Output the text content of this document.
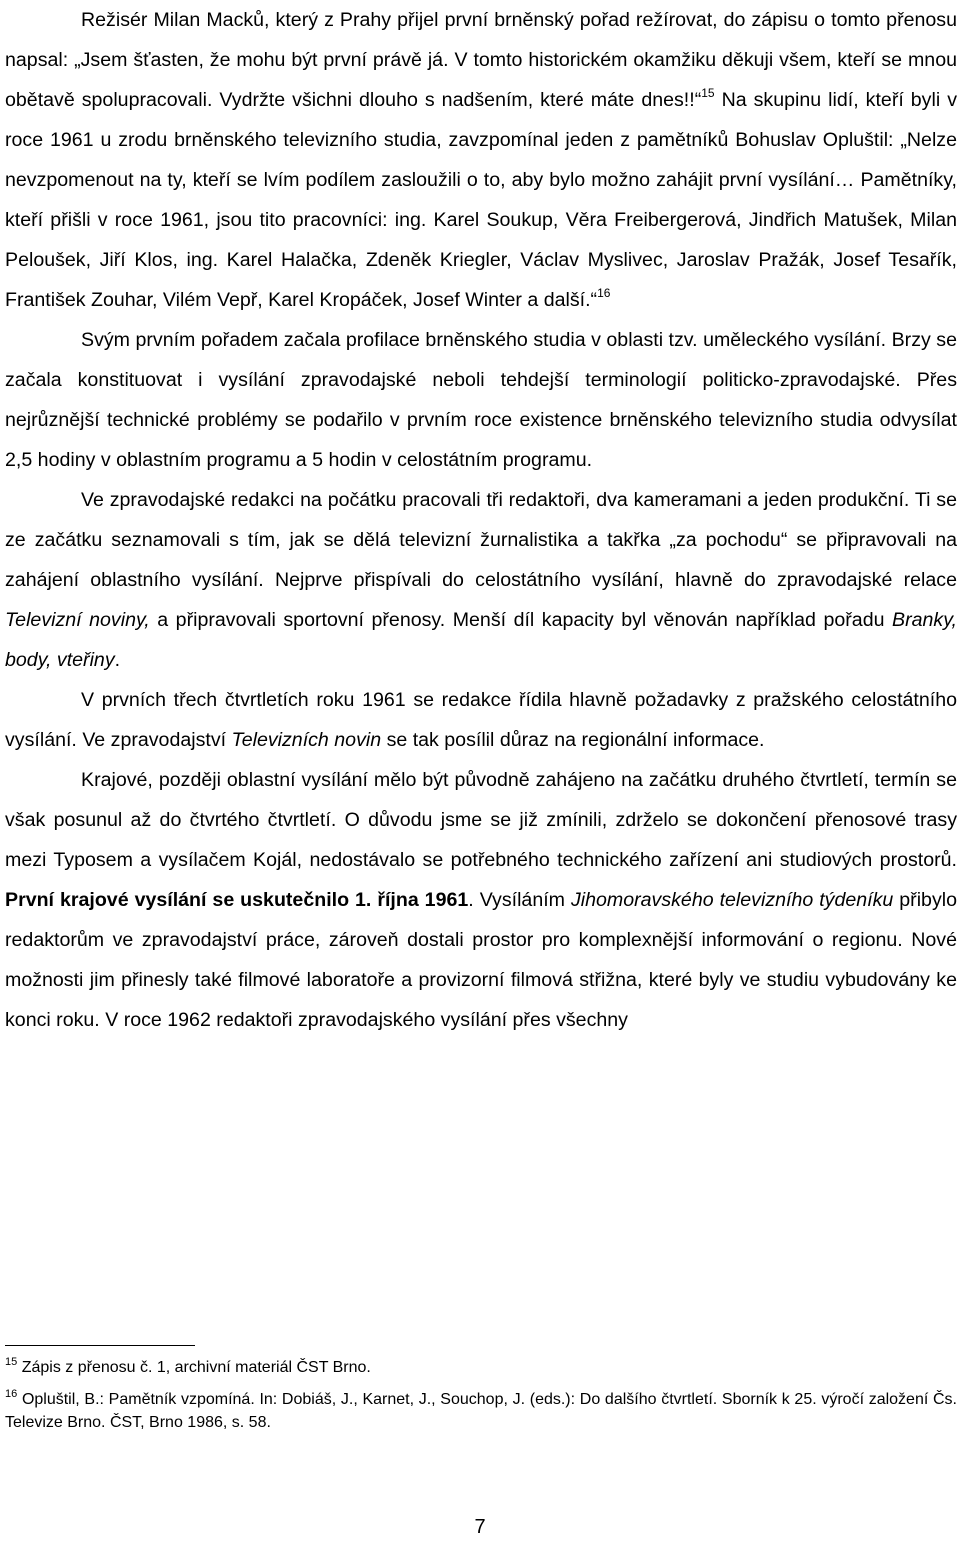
Režisér Milan Macků, který z Prahy přijel první brněnský pořad režírovat, do zápisu o tomto přenosu napsal: „Jsem šťasten, že mohu být první právě já. V tomto historickém okamžiku děkuji všem, kteří se mnou obětavě spolupracovali. Vydržte všichni dlouho s nadšením, které máte dnes!!“$^{15}$ Na skupinu lidí, kteří byli v roce 1961 u zrodu brněnského televizního studia, zavzpomínal jeden z pamětníků Bohuslav Opluštil: „Nelze nevzpomenout na ty, kteří se lvím podílem zasloužili o to, aby bylo možno zahájit první vysílání… Pamětníky, kteří přišli v roce 1961, jsou tito pracovníci: ing. Karel Soukup, Věra Freibergerová, Jindřich Matušek, Milan Peloušek, Jiří Klos, ing. Karel Halačka, Zdeněk Kriegler, Václav Myslivec, Jaroslav Pražák, Josef Tesařík, František Zouhar, Vilém Vepř, Karel Kropáček, Josef Winter a další.“$^{16}$

Svým prvním pořadem začala profilace brněnského studia v oblasti tzv. uměleckého vysílání. Brzy se začala konstituovat i vysílání zpravodajské neboli tehdejší terminologií politicko-zpravodajské. Přes nejrůznější technické problémy se podařilo v prvním roce existence brněnského televizního studia odvysílat 2,5 hodiny v oblastním programu a 5 hodin v celostátním programu.

Ve zpravodajské redakci na počátku pracovali tři redaktoři, dva kameramani a jeden produkční. Ti se ze začátku seznamovali s tím, jak se dělá televizní žurnalistika a takřka „za pochodu“ se připravovali na zahájení oblastního vysílání. Nejprve přispívali do celostátního vysílání, hlavně do zpravodajské relace Televizní noviny, a připravovali sportovní přenosy. Menší díl kapacity byl věnován například pořadu Branky, body, vteřiny.

V prvních třech čtvrtletích roku 1961 se redakce řídila hlavně požadavky z pražského celostátního vysílání. Ve zpravodajství Televizních novin se tak posílil důraz na regionální informace.

Krajové, později oblastní vysílání mělo být původně zahájeno na začátku druhého čtvrtletí, termín se však posunul až do čtvrtého čtvrtletí. O důvodu jsme se již zmínili, zdrželo se dokončení přenosové trasy mezi Typosem a vysílačem Kojál, nedostávalo se potřebného technického zařízení ani studiových prostorů. První krajové vysílání se uskutečnilo 1. října 1961. Vysíláním Jihomoravského televizního týdeníku přibylo redaktorům ve zpravodajství práce, zároveň dostali prostor pro komplexnější informování o regionu. Nové možnosti jim přinesly také filmové laboratoře a provizorní filmová střižna, které byly ve studiu vybudovány ke konci roku. V roce 1962 redaktoři zpravodajského vysílání přes všechny

$^{15}$ Zápis z přenosu č. 1, archivní materiál ČST Brno.

$^{16}$ Opluštil, B.: Pamětník vzpomíná. In: Dobiáš, J., Karnet, J., Souchop, J. (eds.): Do dalšího čtvrtletí. Sborník k 25. výročí založení Čs. Televize Brno. ČST, Brno 1986, s. 58.

7
